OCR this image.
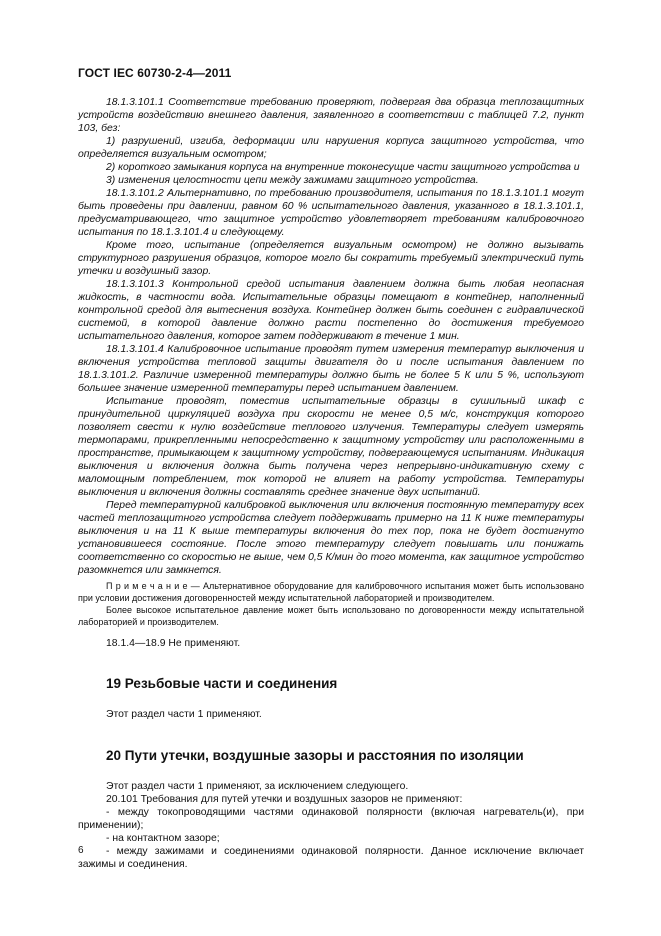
ГОСТ IEC 60730-2-4—2011

18.1.3.101.1 Соответствие требованию проверяют, подвергая два образца теплозащитных устройств воздействию внешнего давления, заявленного в соответствии с таблицей 7.2, пункт 103, без:

1) разрушений, изгиба, деформации или нарушения корпуса защитного устройства, что определяется визуальным осмотром;

2) короткого замыкания корпуса на внутренние токонесущие части защитного устройства и

3) изменения целостности цепи между зажимами защитного устройства.

18.1.3.101.2 Альтернативно, по требованию производителя, испытания по 18.1.3.101.1 могут быть проведены при давлении, равном 60 % испытательного давления, указанного в 18.1.3.101.1, предусматривающего, что защитное устройство удовлетворяет требованиям калибровочного испытания по 18.1.3.101.4 и следующему.

Кроме того, испытание (определяется визуальным осмотром) не должно вызывать структурного разрушения образцов, которое могло бы сократить требуемый электрический путь утечки и воздушный зазор.

18.1.3.101.3 Контрольной средой испытания давлением должна быть любая неопасная жидкость, в частности вода. Испытательные образцы помещают в контейнер, наполненный контрольной средой для вытеснения воздуха. Контейнер должен быть соединен с гидравлической системой, в которой давление должно расти постепенно до достижения требуемого испытательного давления, которое затем поддерживают в течение 1 мин.

18.1.3.101.4 Калибровочное испытание проводят путем измерения температур выключения и включения устройства тепловой защиты двигателя до и после испытания давлением по 18.1.3.101.2. Различие измеренной температуры должно быть не более 5 К или 5 %, используют большее значение измеренной температуры перед испытанием давлением.

Испытание проводят, поместив испытательные образцы в сушильный шкаф с принудительной циркуляцией воздуха при скорости не менее 0,5 м/с, конструкция которого позволяет свести к нулю воздействие теплового излучения. Температуры следует измерять термопарами, прикрепленными непосредственно к защитному устройству или расположенными в пространстве, примыкающем к защитному устройству, подвергающемуся испытаниям. Индикация выключения и включения должна быть получена через непрерывно-индикативную схему с маломощным потреблением, ток которой не влияет на работу устройства. Температуры выключения и включения должны составлять среднее значение двух испытаний.

Перед температурной калибровкой выключения или включения постоянную температуру всех частей теплозащитного устройства следует поддерживать примерно на 11 К ниже температуры выключения и на 11 К выше температуры включения до тех пор, пока не будет достигнуто установившееся состояние. После этого температуру следует повышать или понижать соответственно со скоростью не выше, чем 0,5 К/мин до того момента, как защитное устройство разомкнется или замкнется.

П р и м е ч а н и е — Альтернативное оборудование для калибровочного испытания может быть использовано при условии достижения договоренностей между испытательной лабораторией и производителем.

Более высокое испытательное давление может быть использовано по договоренности между испытательной лабораторией и производителем.

18.1.4—18.9 Не применяют.

19 Резьбовые части и соединения

Этот раздел части 1 применяют.

20 Пути утечки, воздушные зазоры и расстояния по изоляции

Этот раздел части 1 применяют, за исключением следующего.

20.101 Требования для путей утечки и воздушных зазоров не применяют:

- между токопроводящими частями одинаковой полярности (включая нагреватель(и), при применении);

- на контактном зазоре;

- между зажимами и соединениями одинаковой полярности. Данное исключение включает зажимы и соединения.

6
